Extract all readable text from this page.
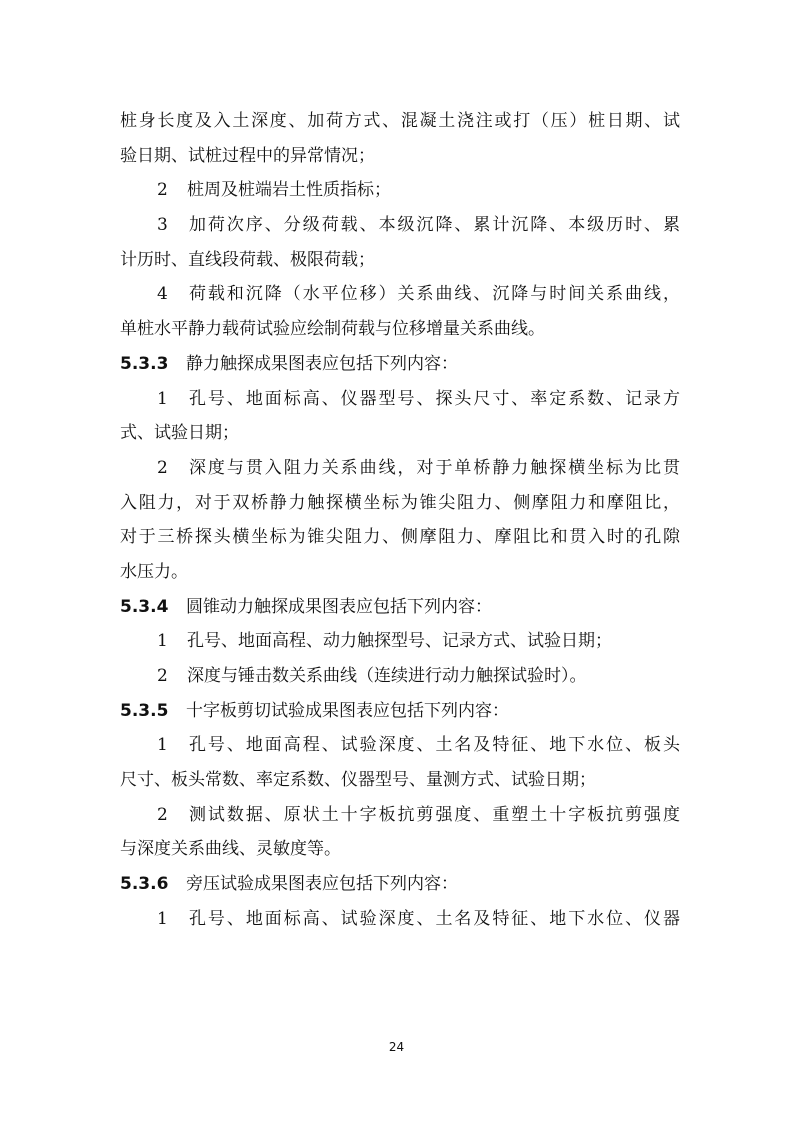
桩身长度及入土深度、加荷方式、混凝土浇注或打（压）桩日期、试
验日期、试桩过程中的异常情况；
2 桩周及桩端岩土性质指标；
3 加荷次序、分级荷载、本级沉降、累计沉降、本级历时、累
计历时、直线段荷载、极限荷载；
4 荷载和沉降（水平位移）关系曲线、沉降与时间关系曲线，
单桩水平静力载荷试验应绘制荷载与位移增量关系曲线。
5.3.3 静力触探成果图表应包括下列内容：
1 孔号、地面标高、仪器型号、探头尺寸、率定系数、记录方
式、试验日期；
2 深度与贯入阻力关系曲线，对于单桥静力触探横坐标为比贯
入阻力，对于双桥静力触探横坐标为锥尖阻力、侧摩阻力和摩阻比，
对于三桥探头横坐标为锥尖阻力、侧摩阻力、摩阻比和贯入时的孔隙
水压力。
5.3.4 圆锥动力触探成果图表应包括下列内容：
1 孔号、地面高程、动力触探型号、记录方式、试验日期；
2 深度与锤击数关系曲线（连续进行动力触探试验时）。
5.3.5 十字板剪切试验成果图表应包括下列内容：
1 孔号、地面高程、试验深度、土名及特征、地下水位、板头
尺寸、板头常数、率定系数、仪器型号、量测方式、试验日期；
2 测试数据、原状土十字板抗剪强度、重塑土十字板抗剪强度
与深度关系曲线、灵敏度等。
5.3.6 旁压试验成果图表应包括下列内容：
1 孔号、地面标高、试验深度、土名及特征、地下水位、仪器
24
